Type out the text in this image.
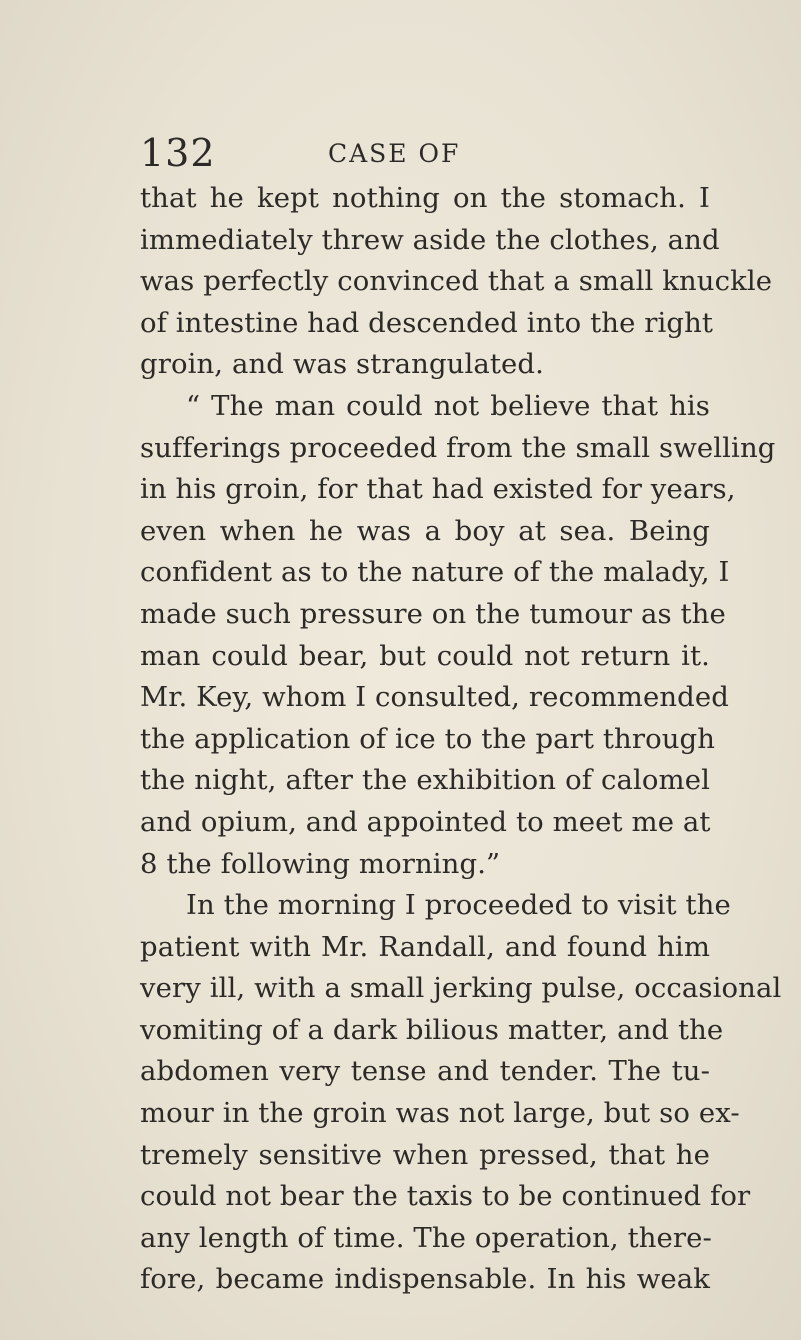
132	CASE OF
that he kept nothing on the stomach. I
immediately threw aside the clothes, and
was perfectly convinced that a small knuckle
of intestine had descended into the right
groin, and was strangulated.
“ The man could not believe that his
sufferings proceeded from the small swelling
in his groin, for that had existed for years,
even when he was a boy at sea. Being
confident as to the nature of the malady, I
made such pressure on the tumour as the
man could bear, but could not return it.
Mr. Key, whom I consulted, recommended
the application of ice to the part through
the night, after the exhibition of calomel
and opium, and appointed to meet me at
8 the following morning.”
In the morning I proceeded to visit the
patient with Mr. Randall, and found him
very ill, with a small jerking pulse, occasional
vomiting of a dark bilious matter, and the
abdomen very tense and tender. The tu-
mour in the groin was not large, but so ex-
tremely sensitive when pressed, that he
could not bear the taxis to be continued for
any length of time. The operation, there-
fore, became indispensable. In his weak
